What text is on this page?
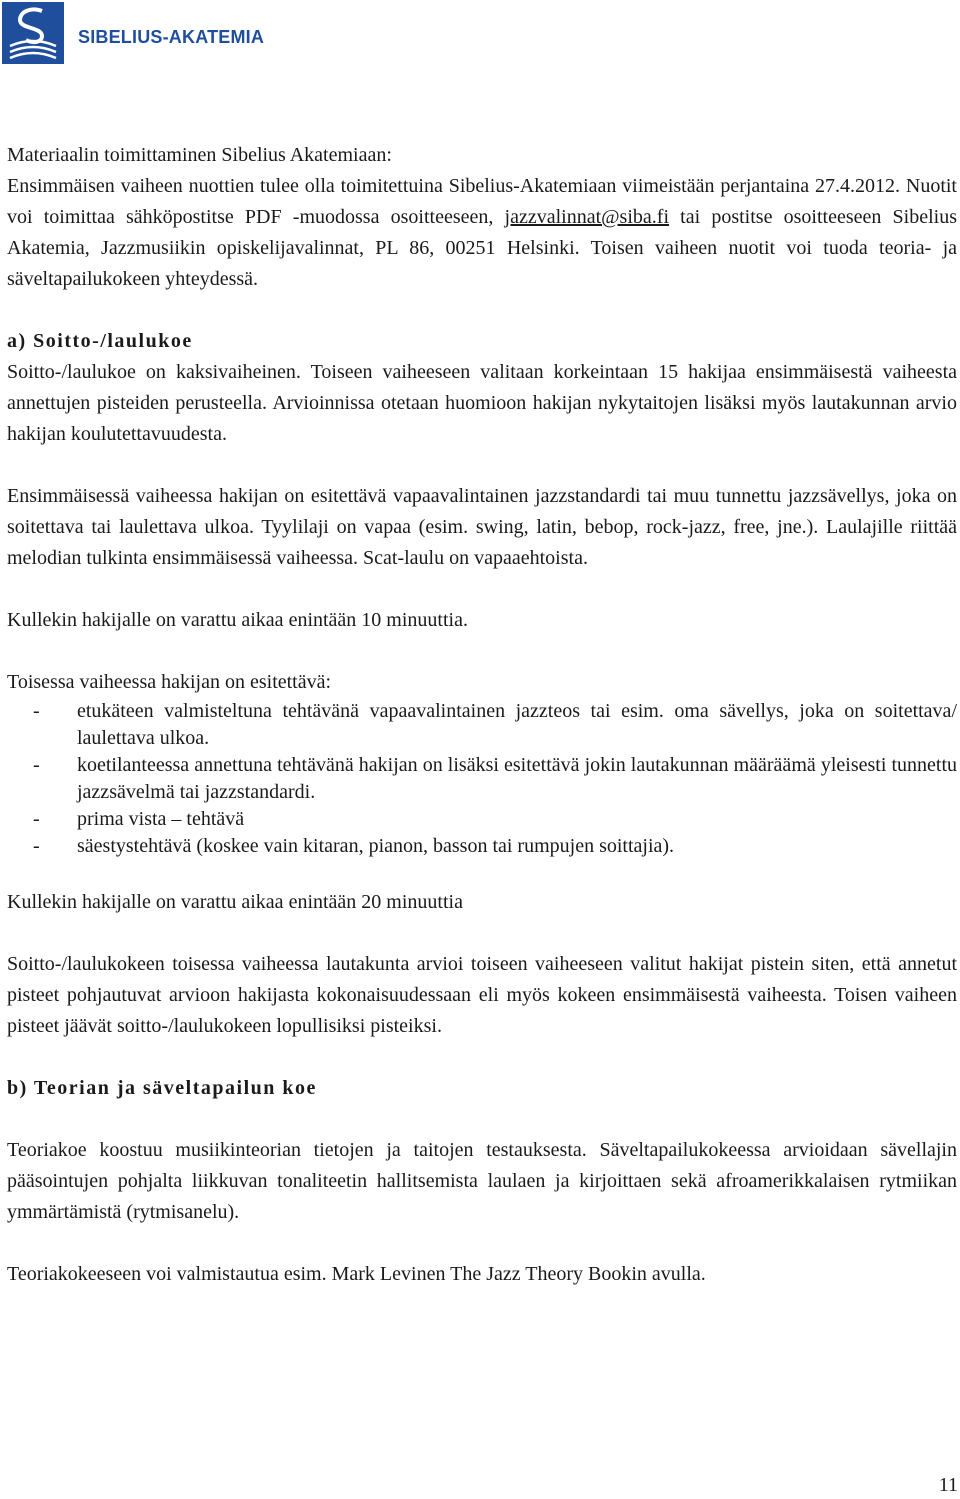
SIBELIUS-AKATEMIA

Materiaalin toimittaminen Sibelius Akatemiaan:
Ensimmäisen vaiheen nuottien tulee olla toimitettuina Sibelius-Akatemiaan viimeistään perjantaina 27.4.2012. Nuotit voi toimittaa sähköpostitse PDF -muodossa osoitteeseen, jazzvalinnat@siba.fi tai postitse osoitteeseen Sibelius Akatemia, Jazzmusiikin opiskelijavalinnat, PL 86, 00251 Helsinki. Toisen vaiheen nuotit voi tuoda teoria- ja säveltapailukokeen yhteydessä.

a) Soitto-/laulukoe

Soitto-/laulukoe on kaksivaiheinen. Toiseen vaiheeseen valitaan korkeintaan 15 hakijaa ensimmäisestä vaiheesta annettujen pisteiden perusteella. Arvioinnissa otetaan huomioon hakijan nykytaitojen lisäksi myös lautakunnan arvio hakijan koulutettavuudesta.

Ensimmäisessä vaiheessa hakijan on esitettävä vapaavalintainen jazzstandardi tai muu tunnettu jazzsävellys, joka on soitettava tai laulettava ulkoa. Tyylilaji on vapaa (esim. swing, latin, bebop, rock-jazz, free, jne.). Laulajille riittää melodian tulkinta ensimmäisessä vaiheessa. Scat-laulu on vapaaehtoista.

Kullekin hakijalle on varattu aikaa enintään 10 minuuttia.

Toisessa vaiheessa hakijan on esitettävä:

- etukäteen valmisteltuna tehtävänä vapaavalintainen jazzteos tai esim. oma sävellys, joka on soitettava/ laulettava ulkoa.
- koetilanteessa annettuna tehtävänä hakijan on lisäksi esitettävä jokin lautakunnan määräämä yleisesti tunnettu jazzsävelmä tai jazzstandardi.
- prima vista – tehtävä
- säestystehtävä (koskee vain kitaran, pianon, basson tai rumpujen soittajia).

Kullekin hakijalle on varattu aikaa enintään 20 minuuttia

Soitto-/laulukokeen toisessa vaiheessa lautakunta arvioi toiseen vaiheeseen valitut hakijat pistein siten, että annetut pisteet pohjautuvat arvioon hakijasta kokonaisuudessaan eli myös kokeen ensimmäisestä vaiheesta. Toisen vaiheen pisteet jäävät soitto-/laulukokeen lopullisiksi pisteiksi.

b) Teorian ja säveltapailun koe

Teoriakoe koostuu musiikinteorian tietojen ja taitojen testauksesta. Säveltapailukokeessa arvioidaan sävellajin pääsointujen pohjalta liikkuvan tonaliteetin hallitsemista laulaen ja kirjoittaen sekä afroamerikkalaisen rytmiikan ymmärtämistä (rytmisanelu).

Teoriakokeeseen voi valmistautua esim. Mark Levinen The Jazz Theory Bookin avulla.

11
